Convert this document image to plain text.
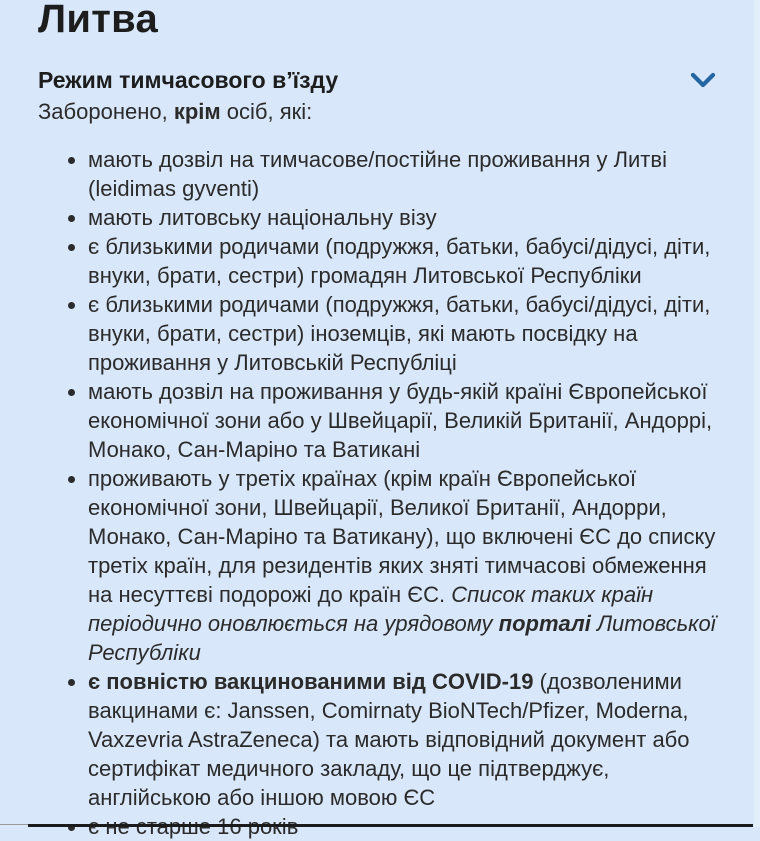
Литва
Режим тимчасового в’їзду

Заборонено, крім осіб, які:

• мають дозвіл на тимчасове/постійне проживання у Литві (leidimas gyventi)
• мають литовську національну візу
• є близькими родичами (подружжя, батьки, бабусі/дідусі, діти, внуки, брати, сестри) громадян Литовської Республіки
• є близькими родичами (подружжя, батьки, бабусі/дідусі, діти, внуки, брати, сестри) іноземців, які мають посвідку на проживання у Литовській Республіці
• мають дозвіл на проживання у будь-якій країні Європейської економічної зони або у Швейцарії, Великій Британії, Андоррі, Монако, Сан-Маріно та Ватикані
• проживають у третіх країнах (крім країн Європейської економічної зони, Швейцарії, Великої Британії, Андорри, Монако, Сан-Маріно та Ватикану), що включені ЄС до списку третіх країн, для резидентів яких зняті тимчасові обмеження на несуттєві подорожі до країн ЄС. Список таких країн періодично оновлюється на урядовому порталі Литовської Республіки
• є повністю вакцинованими від COVID-19 (дозволеними вакцинами є: Janssen, Comirnaty BioNTech/Pfizer, Moderna, Vaxzevria AstraZeneca) та мають відповідний документ або сертифікат медичного закладу, що це підтверджує, англійською або іншою мовою ЄС
•
